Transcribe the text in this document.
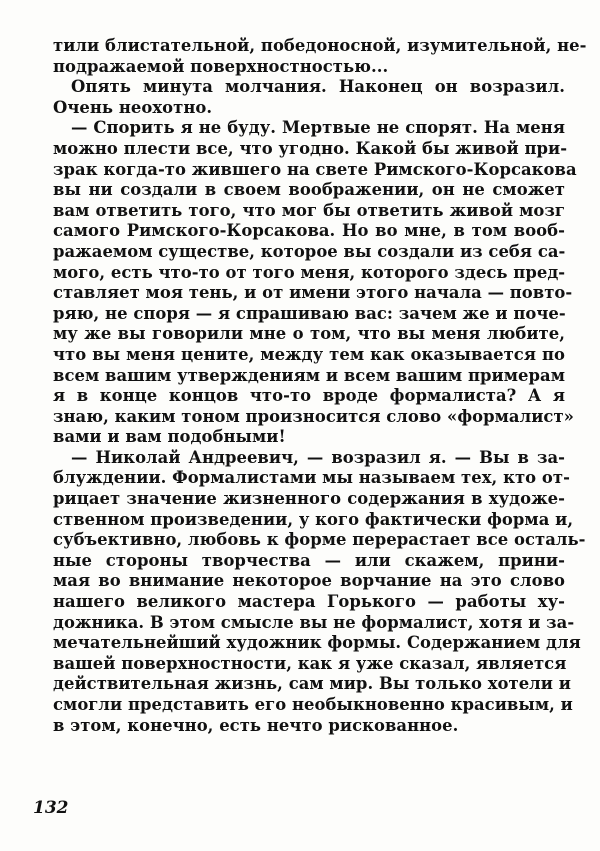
тили блистательной, победоносной, изумительной, не-
подражаемой поверхностностью...
Опять минута молчания. Наконец он возразил.
Очень неохотно.
— Спорить я не буду. Мертвые не спорят. На меня
можно плести все, что угодно. Какой бы живой при-
зрак когда-то жившего на свете Римского-Корсакова
вы ни создали в своем воображении, он не сможет
вам ответить того, что мог бы ответить живой мозг
самого Римского-Корсакова. Но во мне, в том вооб-
ражаемом существе, которое вы создали из себя са-
мого, есть что-то от того меня, которого здесь пред-
ставляет моя тень, и от имени этого начала — повто-
ряю, не споря — я спрашиваю вас: зачем же и поче-
му же вы говорили мне о том, что вы меня любите,
что вы меня цените, между тем как оказывается по
всем вашим утверждениям и всем вашим примерам
я в конце концов что-то вроде формалиста? А я
знаю, каким тоном произносится слово «формалист»
вами и вам подобными!
— Николай Андреевич, — возразил я. — Вы в за-
блуждении. Формалистами мы называем тех, кто от-
рицает значение жизненного содержания в художе-
ственном произведении, у кого фактически форма и,
субъективно, любовь к форме перерастает все осталь-
ные стороны творчества — или скажем, прини-
мая во внимание некоторое ворчание на это слово
нашего великого мастера Горького — работы ху-
дожника. В этом смысле вы не формалист, хотя и за-
мечательнейший художник формы. Содержанием для
вашей поверхностности, как я уже сказал, является
действительная жизнь, сам мир. Вы только хотели и
смогли представить его необыкновенно красивым, и
в этом, конечно, есть нечто рискованное.
132
